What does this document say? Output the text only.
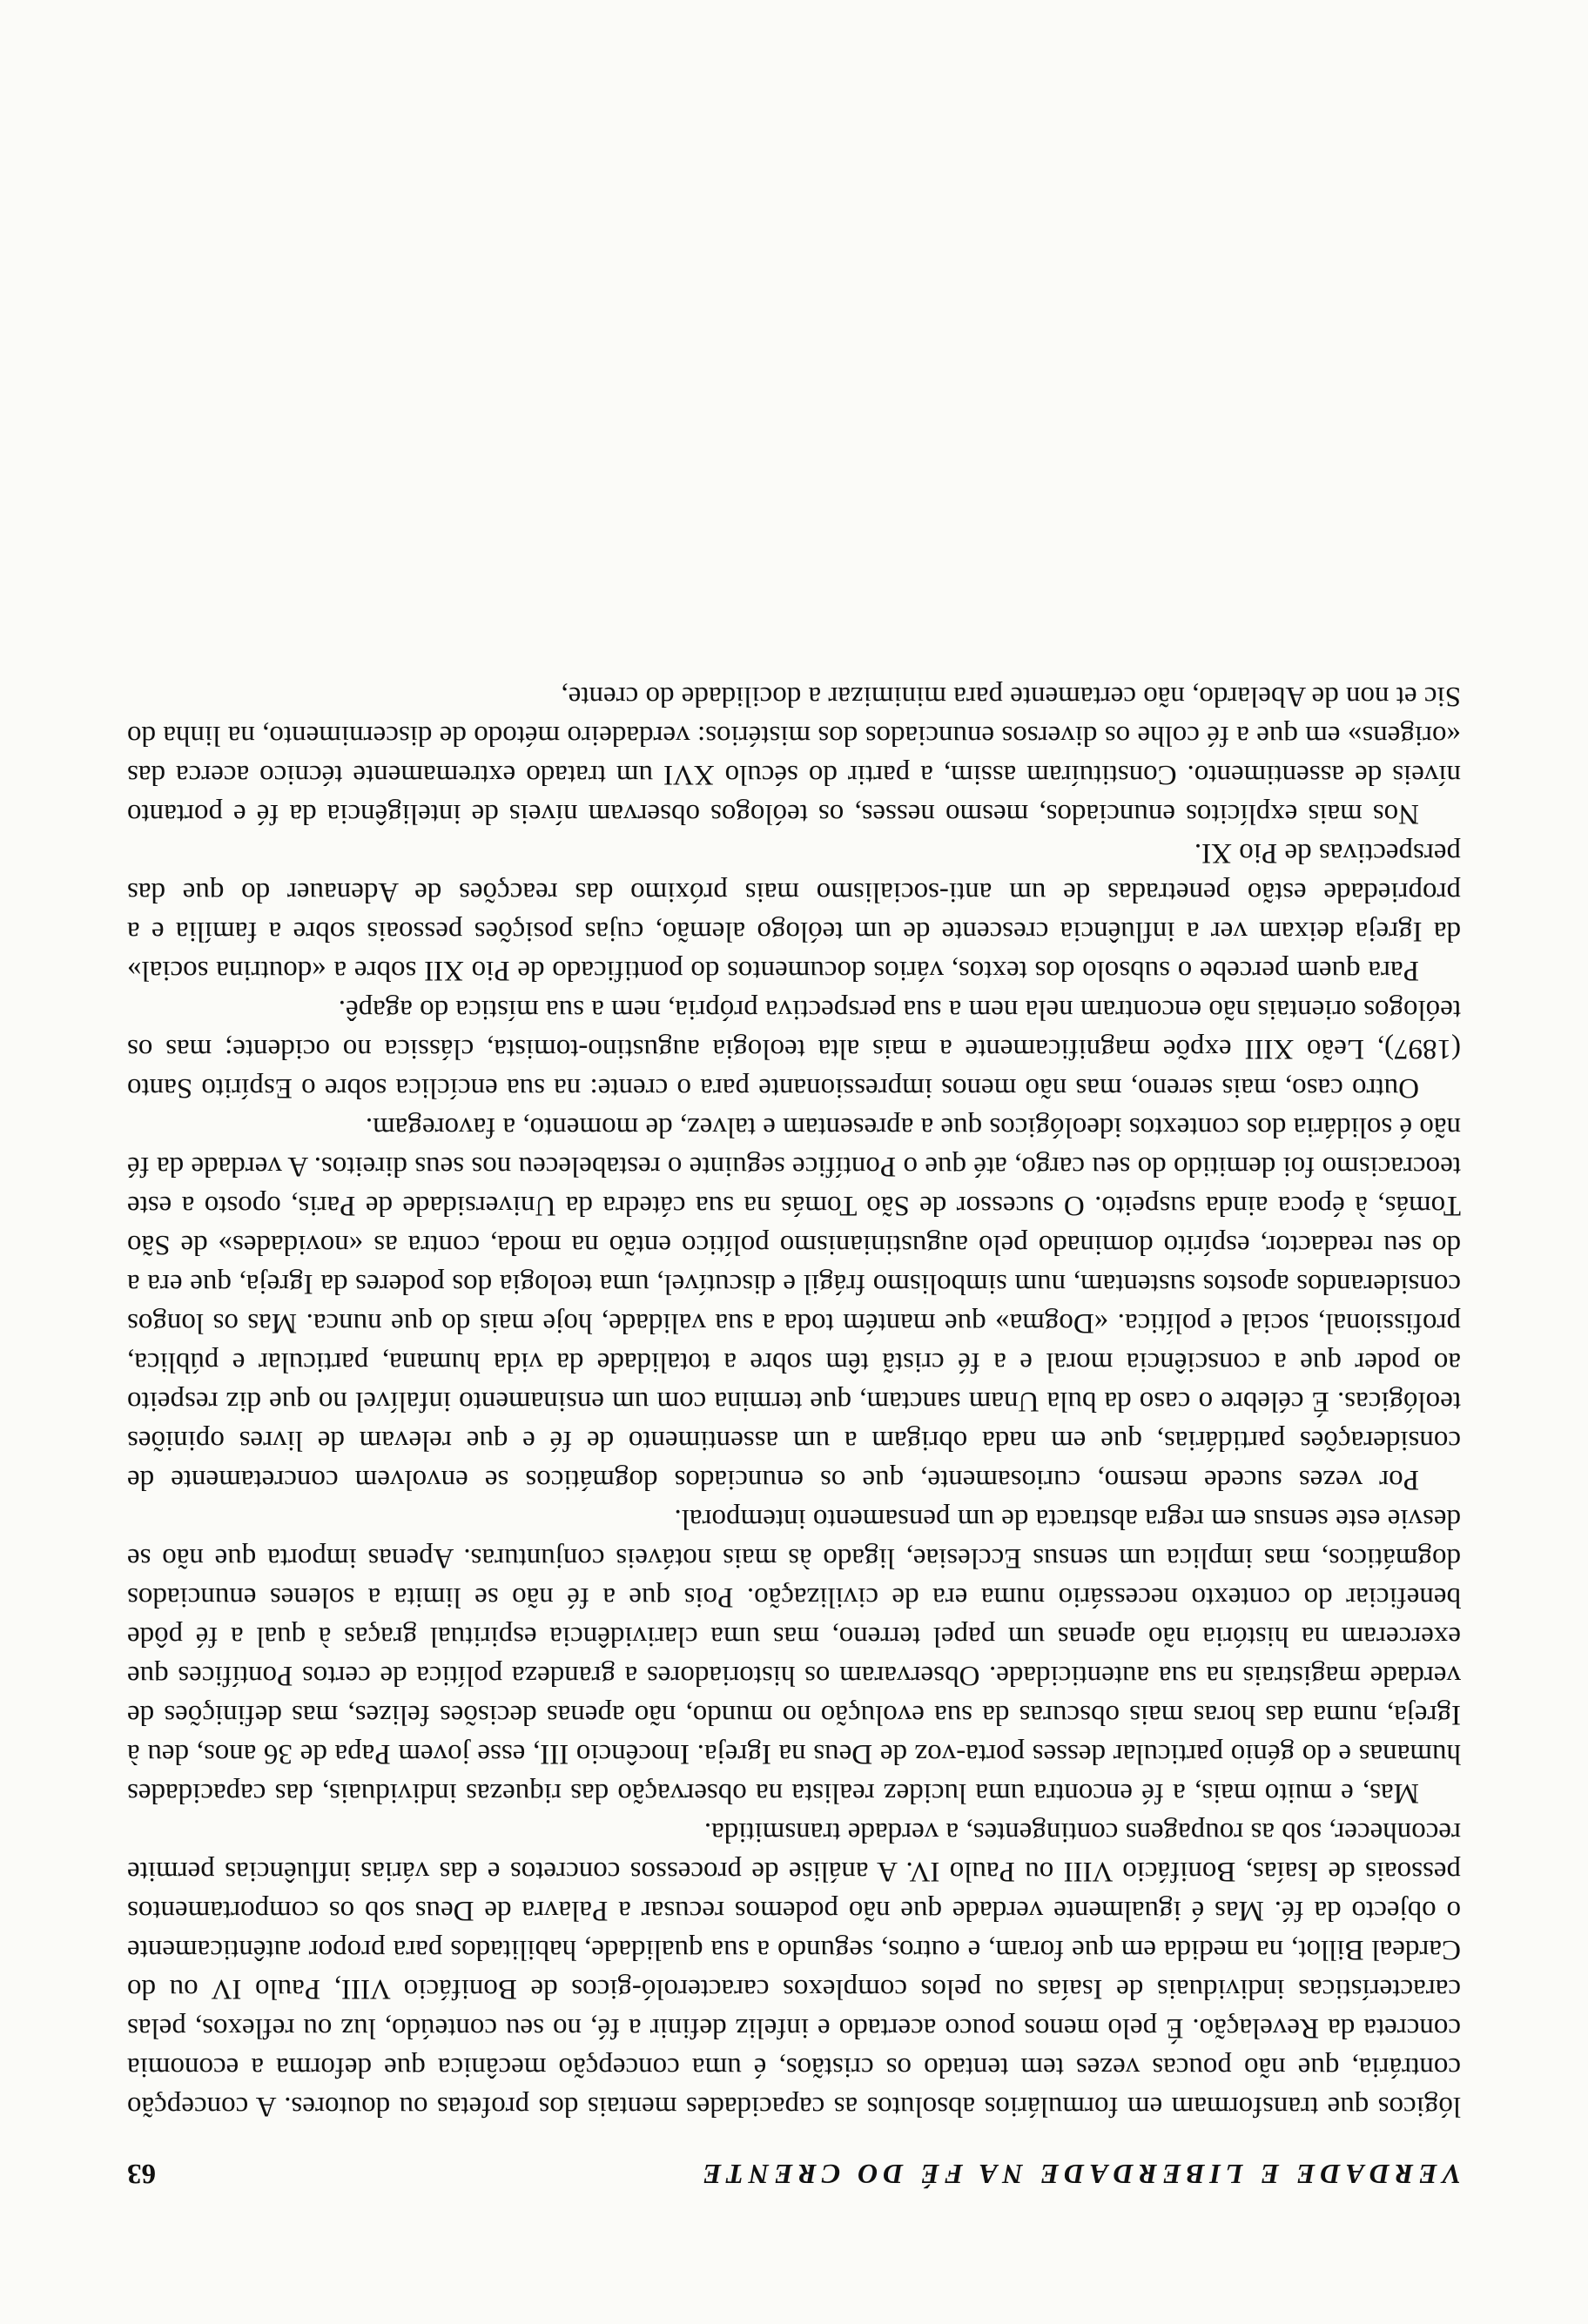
VERDADE E LIBERDADE NA FÉ DO CRENTE
63

lógicos que transformam em formulários absolutos as capacidades mentais dos profetas ou doutores. A concepção contrária, que não poucas vezes tem tentado os cristãos, é uma concepção mecânica que deforma a economia concreta da Revelação. É pelo menos pouco acertado e infeliz definir a fé, no seu conteúdo, luz ou reflexos, pelas características individuais de Isaías ou pelos complexos caracteroló-gicos de Bonifácio VIII, Paulo IV ou do Cardeal Billot, na medida em que foram, e outros, segundo a sua qualidade, habilitados para propor autênticamente o objecto da fé. Mas é igualmente verdade que não podemos recusar a Palavra de Deus sob os comportamentos pessoais de Isaías, Bonifácio VIII ou Paulo IV. A análise de processos concretos e das várias influências permite reconhecer, sob as roupagens contingentes, a verdade transmitida.

Mas, e muito mais, a fé encontra uma lucidez realista na observação das riquezas individuais, das capacidades humanas e do génio particular desses porta-voz de Deus na Igreja. Inocêncio III, esse jovem Papa de 36 anos, deu à Igreja, numa das horas mais obscuras da sua evolução no mundo, não apenas decisões felizes, mas definições de verdade magistrais na sua autenticidade. Observaram os historiadores a grandeza política de certos Pontífices que exerceram na história não apenas um papel terreno, mas uma clarividência espiritual graças à qual a fé pôde beneficiar do contexto necessário numa era de civilização. Pois que a fé não se limita a solenes enunciados dogmáticos, mas implica um sensus Ecclesiae, ligado às mais notáveis conjunturas. Apenas importa que não se desvie este sensus em regra abstracta de um pensamento intemporal.

Por vezes sucede mesmo, curiosamente, que os enunciados dogmáticos se envolvem concretamente de considerações partidárias, que em nada obrigam a um assentimento de fé e que relevam de livres opiniões teológicas. É célebre o caso da bula Unam sanctam, que termina com um ensinamento infalível no que diz respeito ao poder que a consciência moral e a fé cristã têm sobre a totalidade da vida humana, particular e pública, profissional, social e política. «Dogma» que mantém toda a sua validade, hoje mais do que nunca. Mas os longos considerandos apostos sustentam, num simbolismo frágil e discutível, uma teologia dos poderes da Igreja, que era a do seu readactor, espírito dominado pelo augustinianismo político então na moda, contra as «novidades» de São Tomás, à época ainda suspeito. O sucessor de São Tomás na sua cátedra da Universidade de Paris, oposto a este teocracismo foi demitido do seu cargo, até que o Pontífice seguinte o restabeleceu nos seus direitos. A verdade da fé não é solidária dos contextos ideológicos que a apresentam e talvez, de momento, a favoregam.

Outro caso, mais sereno, mas não menos impressionante para o crente: na sua encíclica sobre o Espírito Santo (1897), Leão XIII expõe magnificamente a mais alta teologia augustino-tomista, clássica no ocidente; mas os teólogos orientais não encontram nela nem a sua perspectiva própria, nem a sua mística do agapê.

Para quem percebe o subsolo dos textos, vários documentos do pontificado de Pio XII sobre a «doutrina social» da Igreja deixam ver a influência crescente de um teólogo alemão, cujas posições pessoais sobre a família e a propriedade estão penetradas de um anti-socialismo mais próximo das reacções de Adenauer do que das perspectivas de Pio XI.

Nos mais explícitos enunciados, mesmo nesses, os teólogos observam níveis de inteligência da fé e portanto níveis de assentimento. Constituíram assim, a partir do século XVI um tratado extremamente técnico acerca das «origens» em que a fé colhe os diversos enunciados dos mistérios: verdadeiro método de discernimento, na linha do Sic et non de Abelardo, não certamente para minimizar a docilidade do crente,
